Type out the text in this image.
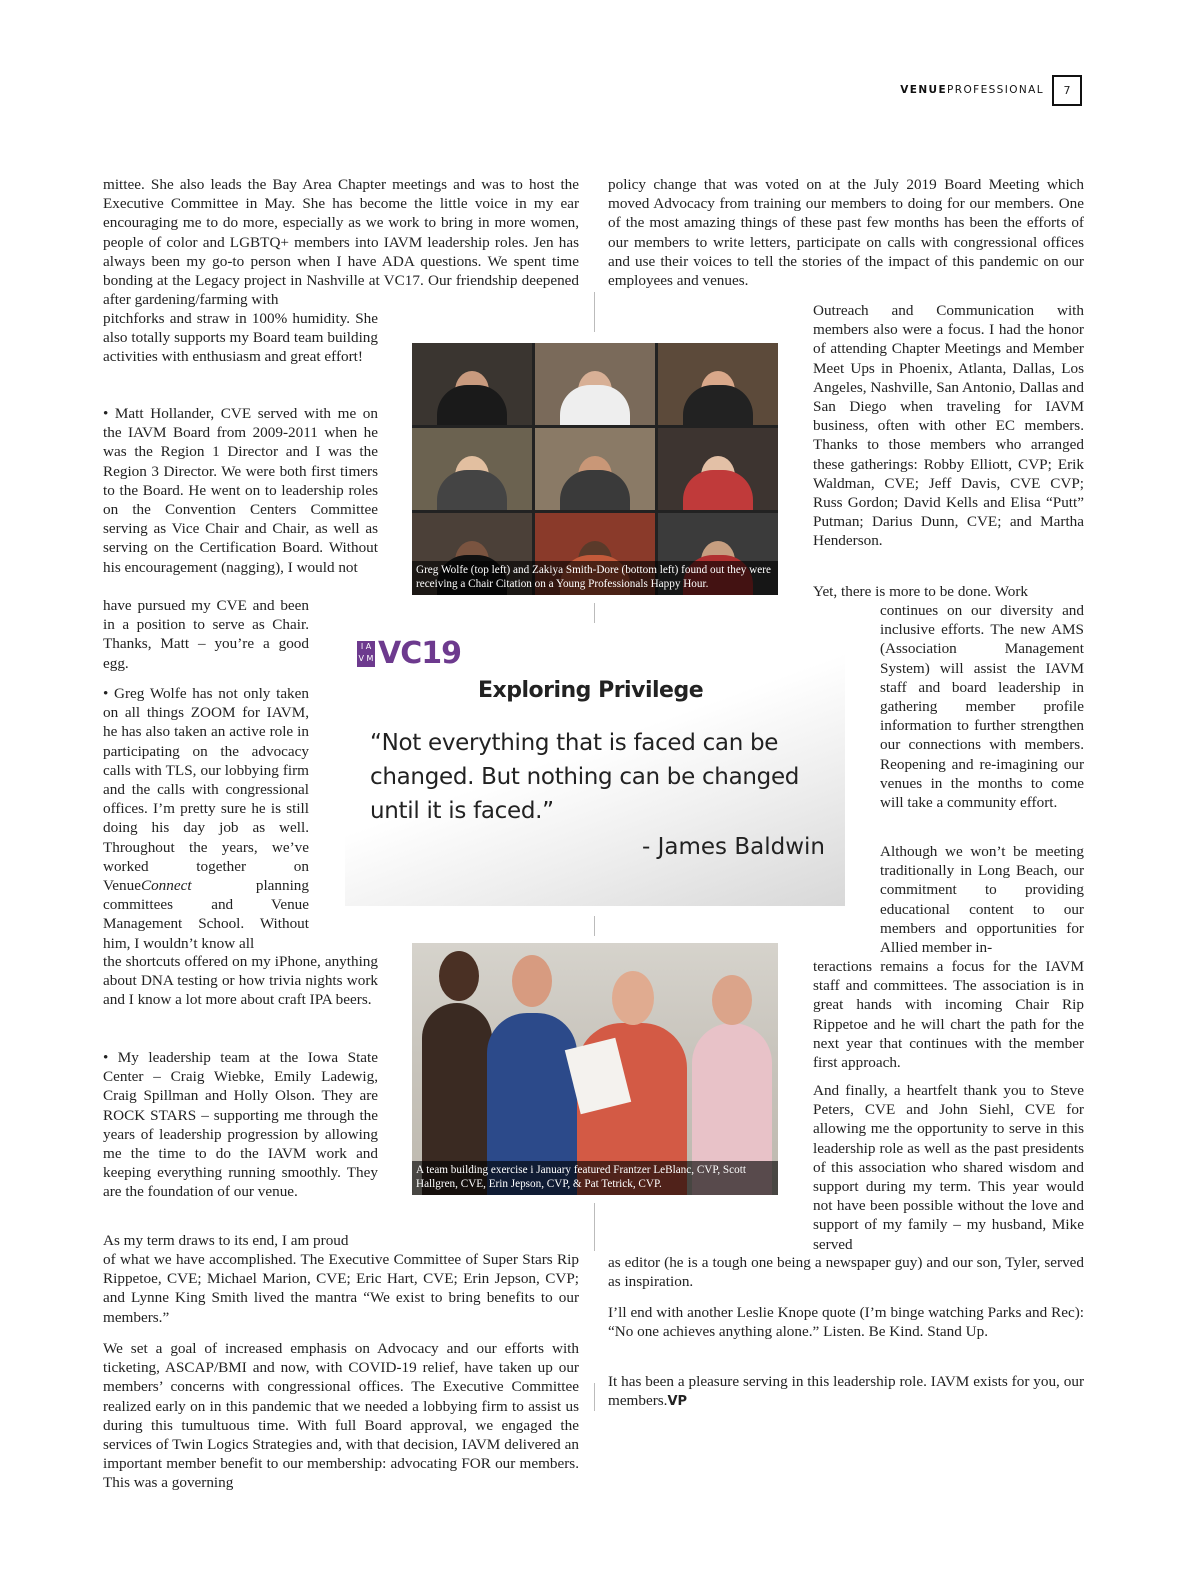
VENUEPROFESSIONAL	7

mittee. She also leads the Bay Area Chapter meetings and was to host the Executive Committee in May. She has become the little voice in my ear encouraging me to do more, especially as we work to bring in more women, people of color and LGBTQ+ members into IAVM leadership roles. Jen has always been my go-to person when I have ADA questions. We spent time bonding at the Legacy project in Nashville at VC17. Our friendship deepened after gardening/farming with

pitchforks and straw in 100% humidity. She also totally supports my Board team building activities with enthusiasm and great effort!

• Matt Hollander, CVE served with me on the IAVM Board from 2009-2011 when he was the Region 1 Director and I was the Region 3 Director. We were both first timers to the Board. He went on to leadership roles on the Convention Centers Committee serving as Vice Chair and Chair, as well as serving on the Certification Board. Without his encouragement (nagging), I would not

have pursued my CVE and been in a position to serve as Chair. Thanks, Matt – you’re a good egg.

• Greg Wolfe has not only taken on all things ZOOM for IAVM, he has also taken an active role in participating on the advocacy calls with TLS, our lobbying firm and the calls with congressional offices. I’m pretty sure he is still doing his day job as well. Throughout the years, we’ve worked together on VenueConnect planning committees and Venue Management School. Without him, I wouldn’t know all

the shortcuts offered on my iPhone, anything about DNA testing or how trivia nights work and I know a lot more about craft IPA beers.

• My leadership team at the Iowa State Center – Craig Wiebke, Emily Ladewig, Craig Spillman and Holly Olson. They are ROCK STARS – supporting me through the years of leadership progression by allowing me the time to do the IAVM work and keeping everything running smoothly. They are the foundation of our venue.

As my term draws to its end, I am proud

of what we have accomplished. The Executive Committee of Super Stars Rip Rippetoe, CVE; Michael Marion, CVE; Eric Hart, CVE; Erin Jepson, CVP; and Lynne King Smith lived the mantra “We exist to bring benefits to our members.”

We set a goal of increased emphasis on Advocacy and our efforts with ticketing, ASCAP/BMI and now, with COVID-19 relief, have taken up our members’ concerns with congressional offices. The Executive Committee realized early on in this pandemic that we needed a lobbying firm to assist us during this tumultuous time. With full Board approval, we engaged the services of Twin Logics Strategies and, with that decision, IAVM delivered an important member benefit to our membership: advocating FOR our members. This was a governing

policy change that was voted on at the July 2019 Board Meeting which moved Advocacy from training our members to doing for our members. One of the most amazing things of these past few months has been the efforts of our members to write letters, participate on calls with congressional offices and use their voices to tell the stories of the impact of this pandemic on our employees and venues.

Outreach and Communication with members also were a focus. I had the honor of attending Chapter Meetings and Member Meet Ups in Phoenix, Atlanta, Dallas, Los Angeles, Nashville, San Antonio, Dallas and San Diego when traveling for IAVM business, often with other EC members. Thanks to those members who arranged these gatherings: Robby Elliott, CVP; Erik Waldman, CVE; Jeff Davis, CVE CVP; Russ Gordon; David Kells and Elisa “Putt” Putman; Darius Dunn, CVE; and Martha Henderson.

Yet, there is more to be done. Work

continues on our diversity and inclusive efforts. The new AMS (Association Management System) will assist the IAVM staff and board leadership in gathering member profile information to further strengthen our connections with members. Reopening and re-imagining our venues in the months to come will take a community effort.

Although we won’t be meeting traditionally in Long Beach, our commitment to providing educational content to our members and opportunities for Allied member in-

teractions remains a focus for the IAVM staff and committees. The association is in great hands with incoming Chair Rip Rippetoe and he will chart the path for the next year that continues with the member first approach.

And finally, a heartfelt thank you to Steve Peters, CVE and John Siehl, CVE for allowing me the opportunity to serve in this leadership role as well as the past presidents of this association who shared wisdom and support during my term. This year would not have been possible without the love and support of my family – my husband, Mike served

as editor (he is a tough one being a newspaper guy) and our son, Tyler, served as inspiration.

I’ll end with another Leslie Knope quote (I’m binge watching Parks and Rec): “No one achieves anything alone.” Listen. Be Kind. Stand Up.

It has been a pleasure serving in this leadership role. IAVM exists for you, our members.VP

Greg Wolfe (top left) and Zakiya Smith-Dore (bottom left) found out they were receiving a Chair Citation on a Young Professionals Happy Hour.
I A
V M VC19
Exploring Privilege
“Not everything that is faced can be changed. But nothing can be changed until it is faced.”
- James Baldwin
A team building exercise i January featured Frantzer LeBlanc, CVP, Scott Hallgren, CVE, Erin Jepson, CVP, & Pat Tetrick, CVP.
